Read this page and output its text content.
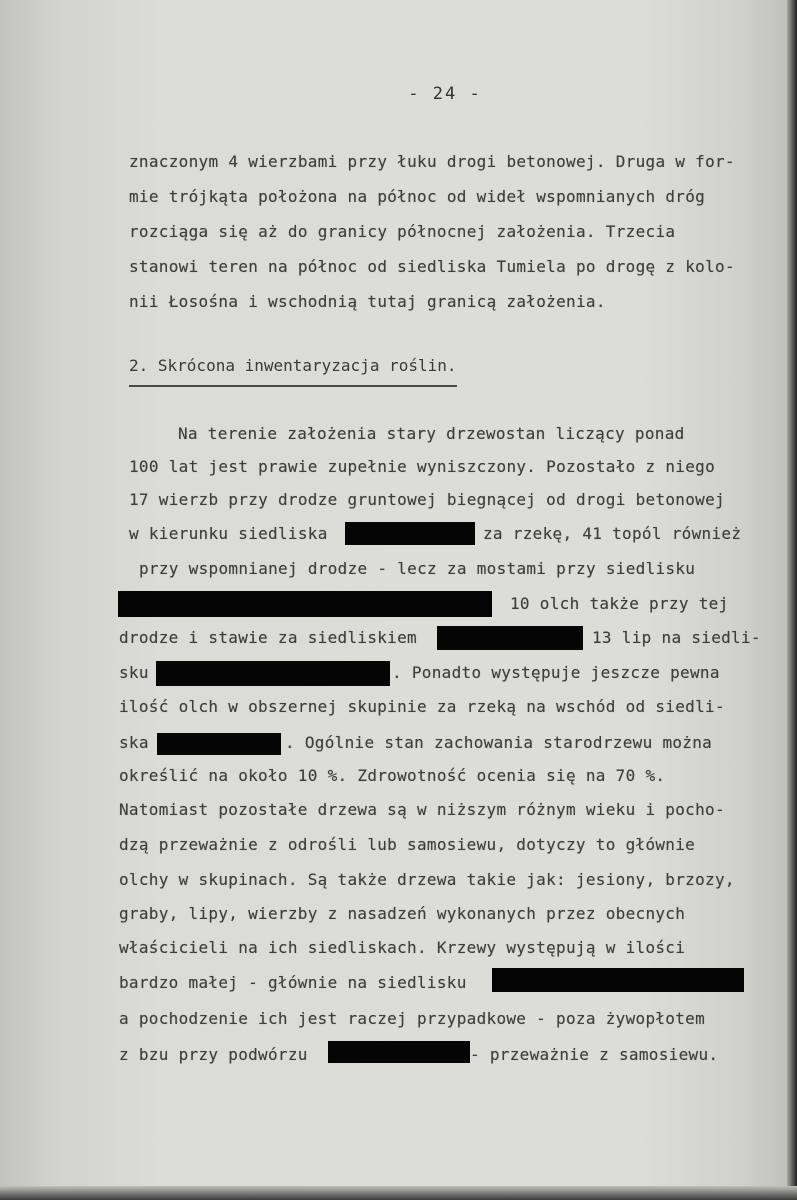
- 24 -
znaczonym 4 wierzbami przy łuku drogi betonowej. Druga w for-
mie trójkąta położona na północ od wideł wspomnianych dróg
rozciąga się aż do granicy północnej założenia. Trzecia
stanowi teren na północ od siedliska Tumiela po drogę z kolo-
nii Łosośna i wschodnią tutaj granicą założenia.
2. Skrócona inwentaryzacja roślin.
Na terenie założenia stary drzewostan liczący ponad
100 lat jest prawie zupełnie wyniszczony. Pozostało z niego
17 wierzb przy drodze gruntowej biegnącej od drogi betonowej
w kierunku siedliska	za rzekę, 41 topól również
przy wspomnianej drodze - lecz za mostami przy siedlisku
10 olch także przy tej
drodze i stawie za siedliskiem	13 lip na siedli-
sku	. Ponadto występuje jeszcze pewna
ilość olch w obszernej skupinie za rzeką na wschód od siedli-
ska	. Ogólnie stan zachowania starodrzewu można
określić na około 10 %. Zdrowotność ocenia się na 70 %.
Natomiast pozostałe drzewa są w niższym różnym wieku i pocho-
dzą przeważnie z odrośli lub samosiewu, dotyczy to głównie
olchy w skupinach. Są także drzewa takie jak: jesiony, brzozy,
graby, lipy, wierzby z nasadzeń wykonanych przez obecnych
właścicieli na ich siedliskach. Krzewy występują w ilości
bardzo małej - głównie na siedlisku
a pochodzenie ich jest raczej przypadkowe - poza żywopłotem
z bzu przy podwórzu	- przeważnie z samosiewu.
